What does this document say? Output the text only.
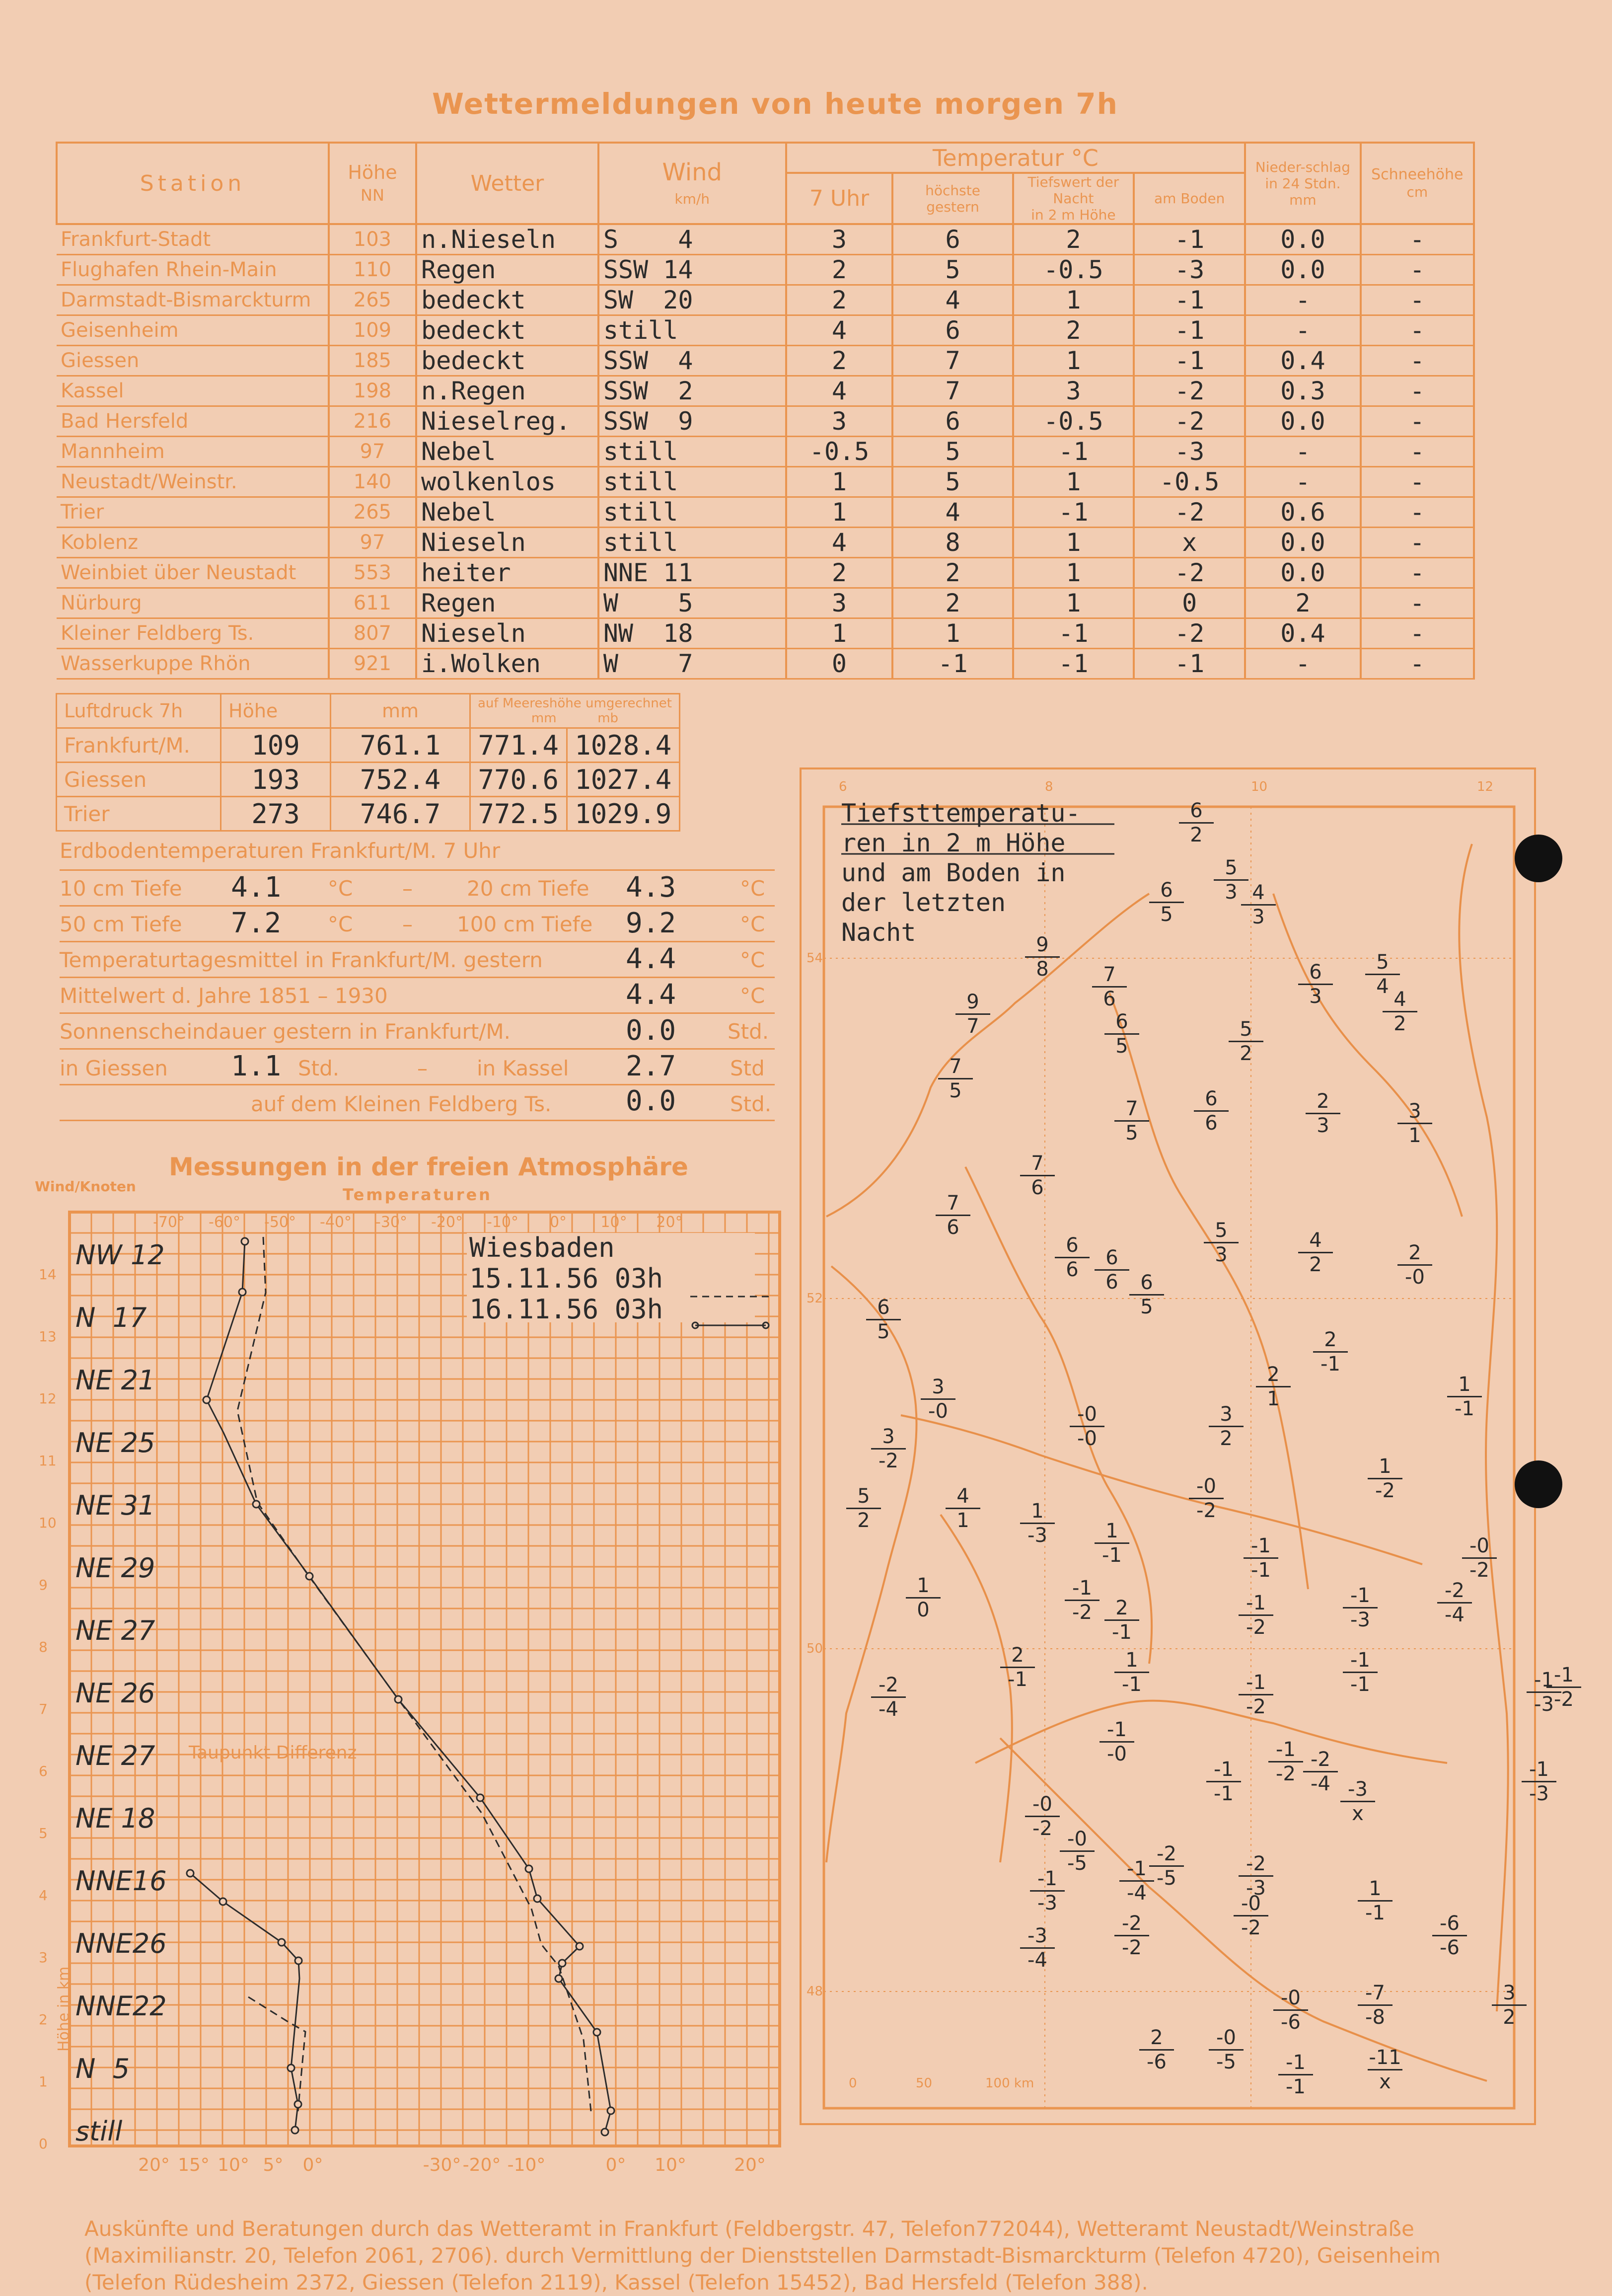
Wettermeldungen von heute morgen 7h
Station	Höhe
NN	Wetter	Wind
km/h	Temperatur °C				Nieder-schlag in 24 Stdn. mm	Schneehöhe
cm
				7 Uhr	höchste gestern	Tiefswert der Nacht
in 2 m Höhe	am Boden		
Frankfurt-Stadt	103	n.Nieseln	S    4	3	6	2	-1	0.0	-
Flughafen Rhein-Main	110	Regen	SSW 14	2	5	-0.5	-3	0.0	-
Darmstadt-Bismarckturm	265	bedeckt	SW  20	2	4	1	-1	-	-
Geisenheim	109	bedeckt	still	4	6	2	-1	-	-
Giessen	185	bedeckt	SSW  4	2	7	1	-1	0.4	-
Kassel	198	n.Regen	SSW  2	4	7	3	-2	0.3	-
Bad Hersfeld	216	Nieselreg.	SSW  9	3	6	-0.5	-2	0.0	-
Mannheim	97	Nebel	still	-0.5	5	-1	-3	-	-
Neustadt/Weinstr.	140	wolkenlos	still	1	5	1	-0.5	-	-
Trier	265	Nebel	still	1	4	-1	-2	0.6	-
Koblenz	97	Nieseln	still	4	8	1	x	0.0	-
Weinbiet über Neustadt	553	heiter	NNE 11	2	2	1	-2	0.0	-
Nürburg	611	Regen	W    5	3	2	1	0	2	-
Kleiner Feldberg Ts.	807	Nieseln	NW  18	1	1	-1	-2	0.4	-
Wasserkuppe Rhön	921	i.Wolken	W    7	0	-1	-1	-1	-	-
Luftdruck 7h	Höhe	mm	auf Meereshöhe umgerechnet
mm mb	
Frankfurt/M.	109	761.1	771.4	1028.4
Giessen	193	752.4	770.6	1027.4
Trier	273	746.7	772.5	1029.9
Erdbodentemperaturen Frankfurt/M. 7 Uhr
10 cm Tiefe 4.1 °C –	20 cm Tiefe 4.3	°C
50 cm Tiefe 7.2 °C – 100 cm Tiefe 9.2	°C
Temperaturtagesmittel in Frankfurt/M. gestern	4.4	°C
Mittelwert d. Jahre 1851 – 1930	4.4	°C
Sonnenscheindauer gestern in Frankfurt/M.	0.0 Std.
in Giessen 1.1 Std.	– in Kassel 2.7	Std
auf dem Kleinen Feldberg Ts.	0.0	Std.
Messungen in der freien Atmosphäre
Wind/Knoten	Temperaturen
-70° -60° -50° -40° -30° -20° -10° 0° 10° 20°
20° 15° 10° 5° 0°	-30° -20° -10°	0° 10°	20°
14
13
12
11
10
9
8
7
6
5
4
3
2
1
0
NW 12
N  17
NE 21
NE 25
NE 31
NE 29
NE 27
NE 26
NE 27
NE 18
NNE16
NNE26
NNE22
N  5
still
Taupunkt Differenz
Höhe in km
Wiesbaden
15.11.56 03h
16.11.56 03h
Tiefsttemperatu-
ren in 2 m Höhe
und am Boden in
der letzten
Nacht
6
2
5
3
6
5
4
3
9
8	7
6
6
3
5
4
4
2
9
7	6
5
5
2
7
5
7
5
6
6
2
3
3
1
7
6
7
6	5
3
4
2
2
-0
6
6
6
6
6
5
6
5
2
-1
2
1
1
-1
3
-0	-0
-0
3
2
3
-2	1
-2
-0
-2
5
2
4
1	1
-3	1
-1	-1
-1
-0
-2
1
0
-1
-2	2
-1
-1
-2
-1
-3
-2
-4
2
-1
1
-1	-1
-2
-1
-1	-1
-2
-2
-4
-1
-3
-1
-0
-1
-1
-2
-4
-1
-2	-1
-3
-0
-2
-3
x
-0
-5	-2
-5
-2
-3
-1
-3
-1
-4	-0
-2
1
-1	-6
-6
-3
-4
-2
-2
-7
-8
3
2
2
-6
-0
-5
-0
-6
-1
-1
-11
x
0	50	100 km
6	8	10	12
54
52
50
48
Auskünfte und Beratungen durch das Wetteramt in Frankfurt (Feldbergstr. 47, Telefon772044), Wetteramt Neustadt/Weinstraße (Maximilianstr. 20, Telefon 2061, 2706). durch Vermittlung der Dienststellen Darmstadt-Bismarckturm (Telefon 4720), Geisenheim (Telefon Rüdesheim 2372, Giessen (Telefon 2119), Kassel (Telefon 15452), Bad Hersfeld (Telefon 388).
